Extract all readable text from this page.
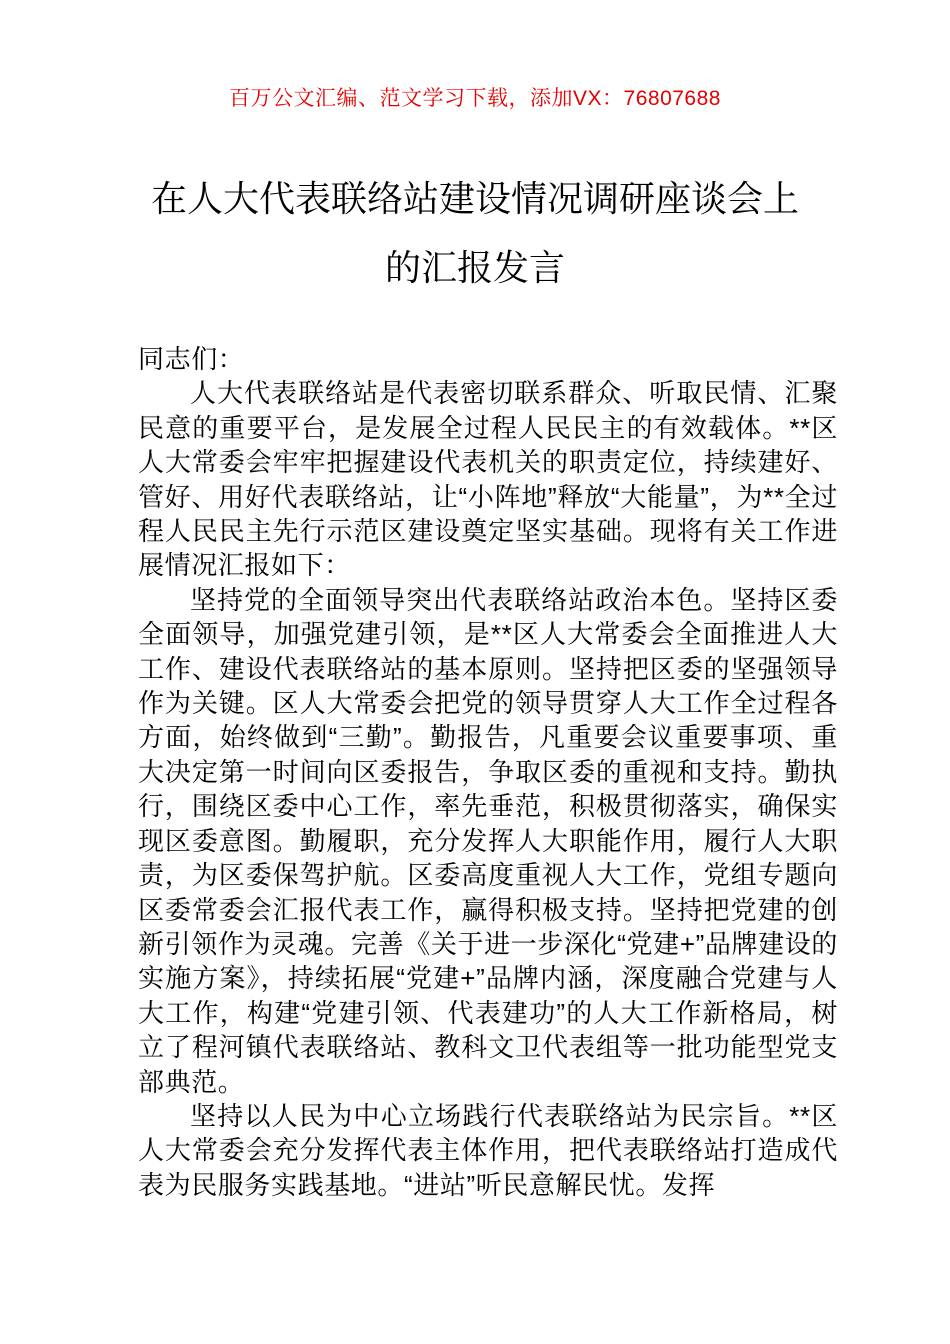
百万公文汇编、范文学习下载，添加VX：76807688
在人大代表联络站建设情况调研座谈会上的汇报发言

同志们：

人大代表联络站是代表密切联系群众、听取民情、汇聚民意的重要平台，是发展全过程人民民主的有效载体。**区人大常委会牢牢把握建设代表机关的职责定位，持续建好、管好、用好代表联络站，让“小阵地”释放“大能量”，为**全过程人民民主先行示范区建设奠定坚实基础。现将有关工作进展情况汇报如下：

坚持党的全面领导突出代表联络站政治本色。坚持区委全面领导，加强党建引领，是**区人大常委会全面推进人大工作、建设代表联络站的基本原则。坚持把区委的坚强领导作为关键。区人大常委会把党的领导贯穿人大工作全过程各方面，始终做到“三勤”。勤报告，凡重要会议重要事项、重大决定第一时间向区委报告，争取区委的重视和支持。勤执行，围绕区委中心工作，率先垂范，积极贯彻落实，确保实现区委意图。勤履职，充分发挥人大职能作用，履行人大职责，为区委保驾护航。区委高度重视人大工作，党组专题向区委常委会汇报代表工作，赢得积极支持。坚持把党建的创新引领作为灵魂。完善《关于进一步深化“党建+”品牌建设的实施方案》，持续拓展“党建+”品牌内涵，深度融合党建与人大工作，构建“党建引领、代表建功”的人大工作新格局，树立了程河镇代表联络站、教科文卫代表组等一批功能型党支部典范。

坚持以人民为中心立场践行代表联络站为民宗旨。**区人大常委会充分发挥代表主体作用，把代表联络站打造成代表为民服务实践基地。“进站”听民意解民忧。发挥
